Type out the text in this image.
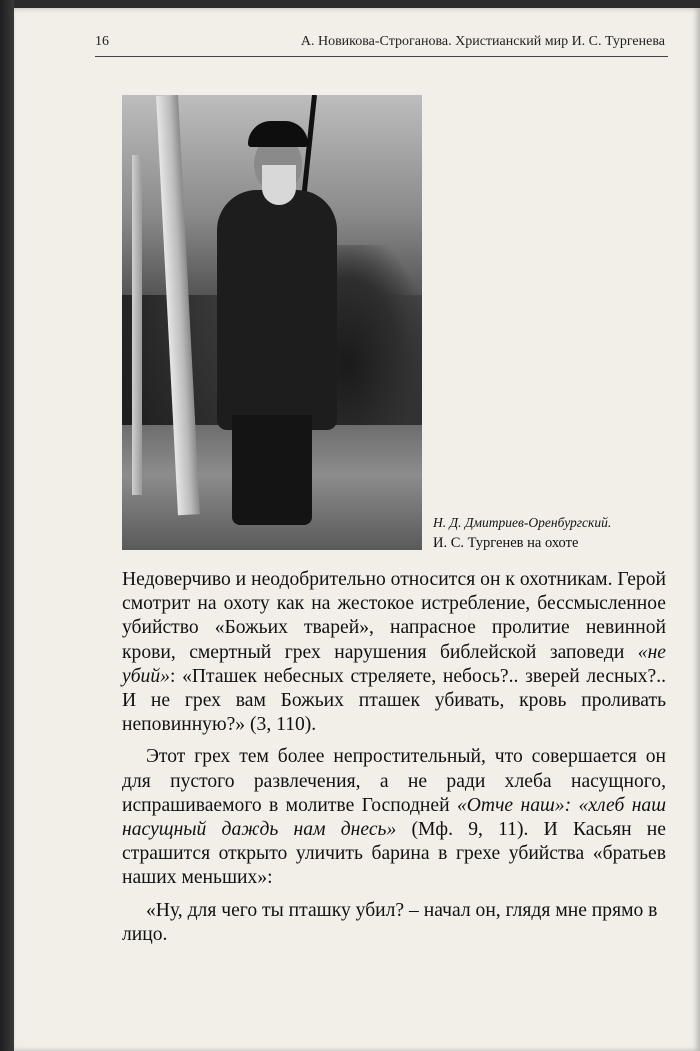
16	А. Новикова-Строганова. Христианский мир И. С. Тургенева
Н. Д. Дмитриев-Оренбургский.
И. С. Тургенев на охоте

Недоверчиво и неодобрительно относится он к охотникам. Герой смотрит на охоту как на жестокое истребление, бессмысленное убийство «Божьих тварей», напрасное пролитие невинной крови, смертный грех нарушения библейской заповеди «не убий»: «Пташек небесных стреляете, небось?.. зверей лесных?.. И не грех вам Божьих пташек убивать, кровь проливать неповинную?» (3, 110).

Этот грех тем более непростительный, что совершается он для пустого развлечения, а не ради хлеба насущного, испрашиваемого в молитве Господней «Отче наш»: «хлеб наш насущный даждь нам днесь» (Мф. 9, 11). И Касьян не страшится открыто уличить барина в грехе убийства «братьев наших меньших»:

«Ну, для чего ты пташку убил? – начал он, глядя мне прямо в лицо.
